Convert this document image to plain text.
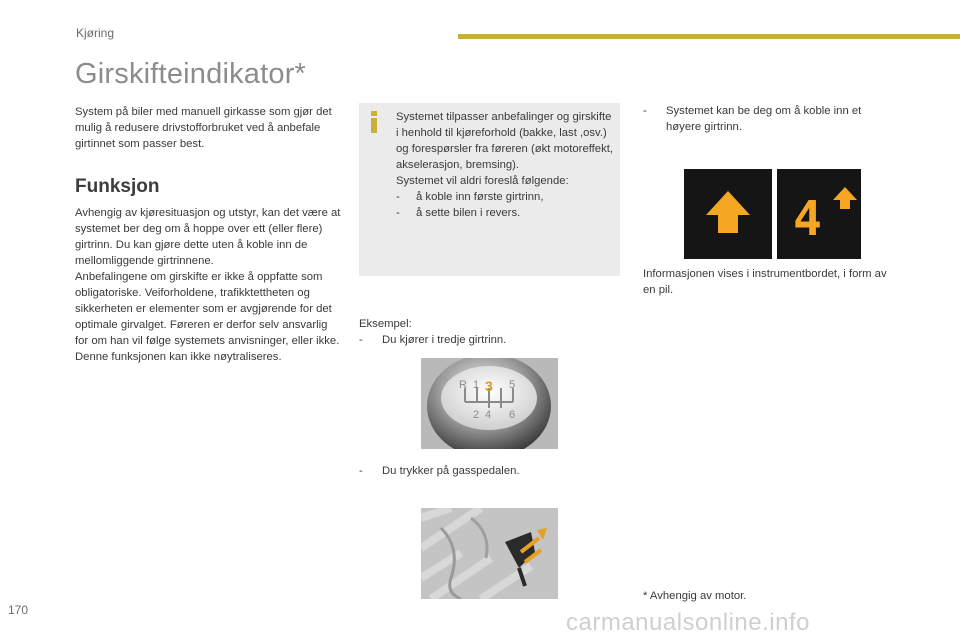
Kjøring
Girskifteindikator*

System på biler med manuell girkasse som gjør det mulig å redusere drivstofforbruket ved å anbefale girtinnet som passer best.

Funksjon

Avhengig av kjøresituasjon og utstyr, kan det være at systemet ber deg om å hoppe over ett (eller flere) girtrinn. Du kan gjøre dette uten å koble inn de mellomliggende girtrinnene.

Anbefalingene om girskifte er ikke å oppfatte som obligatoriske. Veiforholdene, trafikktettheten og sikkerheten er elementer som er avgjørende for det optimale girvalget. Føreren er derfor selv ansvarlig for om han vil følge systemets anvisninger, eller ikke.

Denne funksjonen kan ikke nøytraliseres.

Systemet tilpasser anbefalinger og girskifte i henhold til kjøreforhold (bakke, last ,osv.) og forespørsler fra føreren (økt motoreffekt, akselerasjon, bremsing).
Systemet vil aldri foreslå følgende:
-	å koble inn første girtrinn,
-	å sette bilen i revers.
Eksempel:
-	Du kjører i tredje girtrinn.
R 1 3 5
2 4 6
-	Du trykker på gasspedalen.
-	Systemet kan be deg om å koble inn et høyere girtrinn.
4

Informasjonen vises i instrumentbordet, i form av en pil.

* Avhengig av motor.
170	carmanualsonline.info
